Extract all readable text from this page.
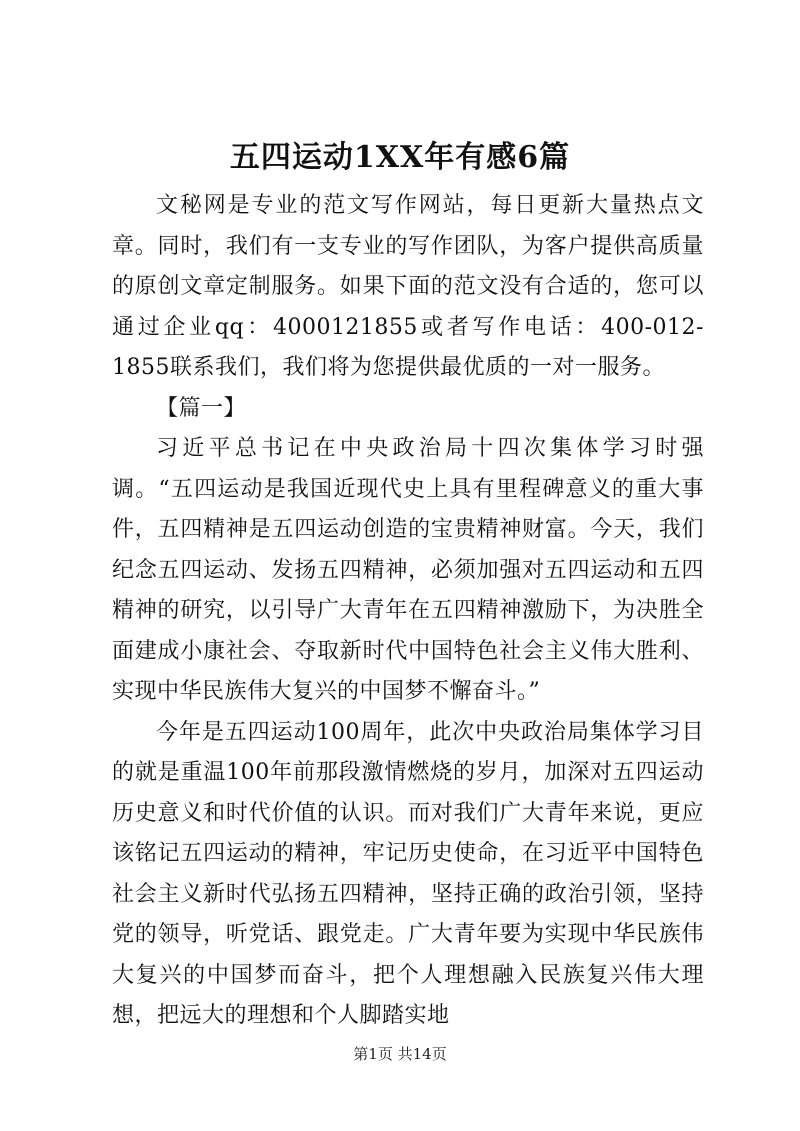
五四运动1XX年有感6篇

文秘网是专业的范文写作网站，每日更新大量热点文章。同时，我们有一支专业的写作团队，为客户提供高质量的原创文章定制服务。如果下面的范文没有合适的，您可以通过企业qq：4000121855或者写作电话：400-012-1855联系我们，我们将为您提供最优质的一对一服务。

【篇一】

习近平总书记在中央政治局十四次集体学习时强调。“五四运动是我国近现代史上具有里程碑意义的重大事件，五四精神是五四运动创造的宝贵精神财富。今天，我们纪念五四运动、发扬五四精神，必须加强对五四运动和五四精神的研究，以引导广大青年在五四精神激励下，为决胜全面建成小康社会、夺取新时代中国特色社会主义伟大胜利、实现中华民族伟大复兴的中国梦不懈奋斗。”

今年是五四运动100周年，此次中央政治局集体学习目的就是重温100年前那段激情燃烧的岁月，加深对五四运动历史意义和时代价值的认识。而对我们广大青年来说，更应该铭记五四运动的精神，牢记历史使命，在习近平中国特色社会主义新时代弘扬五四精神，坚持正确的政治引领，坚持党的领导，听党话、跟党走。广大青年要为实现中华民族伟大复兴的中国梦而奋斗，把个人理想融入民族复兴伟大理想，把远大的理想和个人脚踏实地

第1页 共14页
